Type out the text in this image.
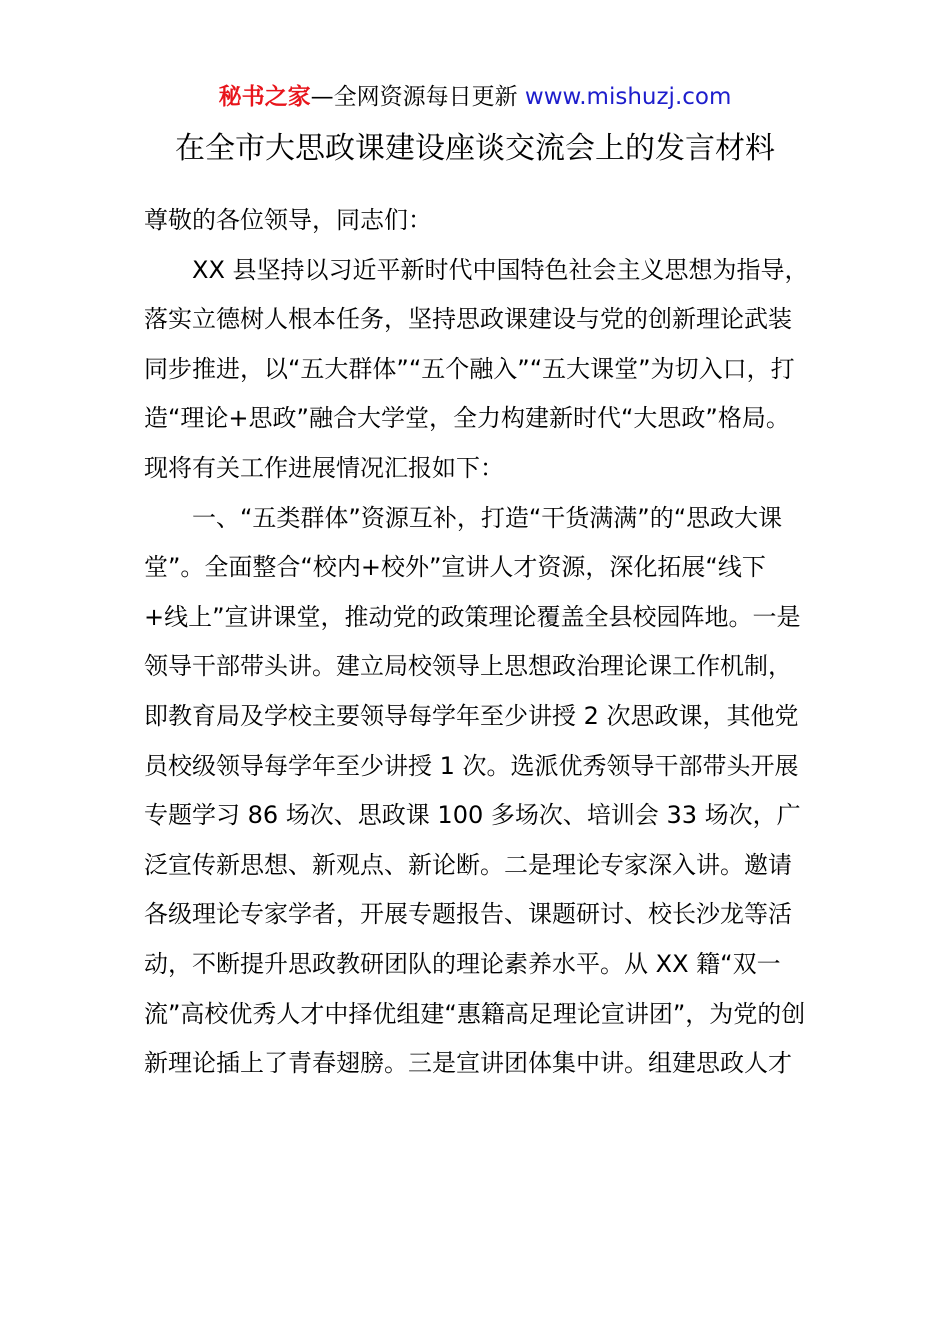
秘书之家—全网资源每日更新 www.mishuzj.com
在全市大思政课建设座谈交流会上的发言材料

尊敬的各位领导，同志们：

XX 县坚持以习近平新时代中国特色社会主义思想为指导，落实立德树人根本任务，坚持思政课建设与党的创新理论武装同步推进，以“五大群体”“五个融入”“五大课堂”为切入口，打造“理论+思政”融合大学堂，全力构建新时代“大思政”格局。现将有关工作进展情况汇报如下：

一、“五类群体”资源互补，打造“干货满满”的“思政大课堂”。全面整合“校内+校外”宣讲人才资源，深化拓展“线下+线上”宣讲课堂，推动党的政策理论覆盖全县校园阵地。一是领导干部带头讲。建立局校领导上思想政治理论课工作机制，即教育局及学校主要领导每学年至少讲授 2 次思政课，其他党员校级领导每学年至少讲授 1 次。选派优秀领导干部带头开展专题学习 86 场次、思政课 100 多场次、培训会 33 场次，广泛宣传新思想、新观点、新论断。二是理论专家深入讲。邀请各级理论专家学者，开展专题报告、课题研讨、校长沙龙等活动，不断提升思政教研团队的理论素养水平。从 XX 籍“双一流”高校优秀人才中择优组建“惠籍高足理论宣讲团”，为党的创新理论插上了青春翅膀。三是宣讲团体集中讲。组建思政人才
